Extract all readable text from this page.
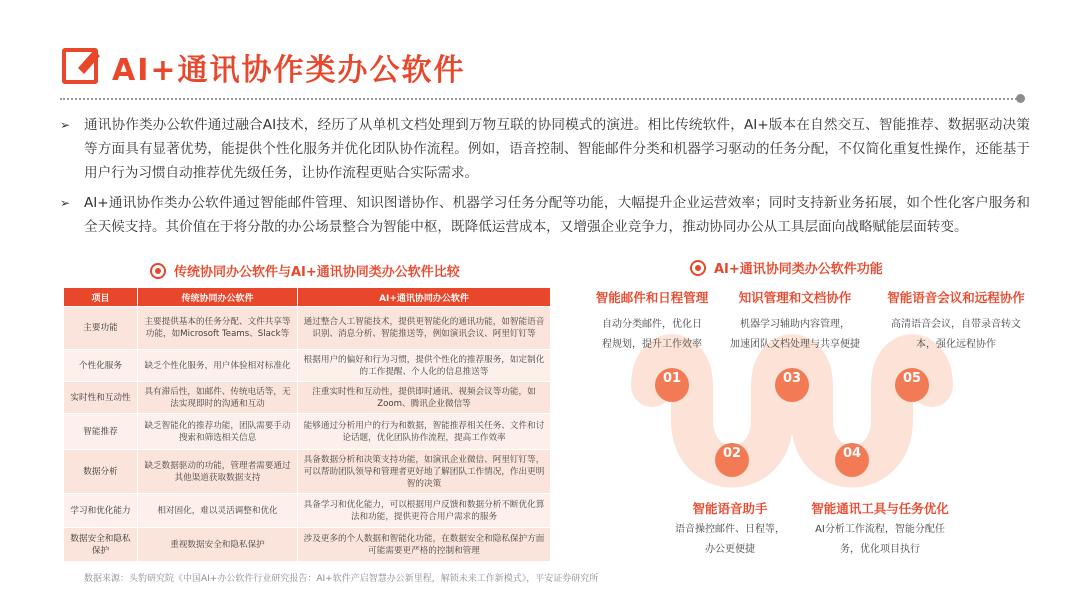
AI+通讯协作类办公软件
➢ 通讯协作类办公软件通过融合AI技术，经历了从单机文档处理到万物互联的协同模式的演进。相比传统软件，AI+版本在自然交互、智能推荐、数据驱动决策等方面具有显著优势，能提供个性化服务并优化团队协作流程。例如，语音控制、智能邮件分类和机器学习驱动的任务分配，不仅简化重复性操作，还能基于用户行为习惯自动推荐优先级任务，让协作流程更贴合实际需求。
➢ AI+通讯协作类办公软件通过智能邮件管理、知识图谱协作、机器学习任务分配等功能，大幅提升企业运营效率；同时支持新业务拓展，如个性化客户服务和全天候支持。其价值在于将分散的办公场景整合为智能中枢，既降低运营成本，又增强企业竞争力，推动协同办公从工具层面向战略赋能层面转变。
传统协同办公软件与AI+通讯协同类办公软件比较
项目	传统协同办公软件	AI+通讯协同办公软件
主要功能	主要提供基本的任务分配、文件共享等功能，如Microsoft Teams、Slack等	通过整合人工智能技术，提供更智能化的通讯功能，如智能语音识别、消息分析、智能推送等，例如演讯会议、阿里钉钉等
个性化服务	缺乏个性化服务，用户体验相对标准化	根据用户的偏好和行为习惯，提供个性化的推荐服务，如定制化的工作提醒、个人化的信息推送等
实时性和互动性	具有滞后性，如邮件、传统电话等，无法实现即时的沟通和互动	注重实时性和互动性，提供即时通讯、视频会议等功能，如Zoom、腾讯企业微信等
智能推荐	缺乏智能化的推荐功能，团队需要手动搜索和筛选相关信息	能够通过分析用户的行为和数据，智能推荐相关任务、文件和讨论话题，优化团队协作流程，提高工作效率
数据分析	缺乏数据驱动的功能，管理者需要通过其他渠道获取数据支持	具备数据分析和决策支持功能，如演讯企业微信、阿里钉钉等，可以帮助团队领导和管理者更好地了解团队工作情况，作出更明智的决策
学习和优化能力	相对固化，难以灵活调整和优化	具备学习和优化能力，可以根据用户反馈和数据分析不断优化算法和功能，提供更符合用户需求的服务
数据安全和隐私保护	重视数据安全和隐私保护	涉及更多的个人数据和智能化功能，在数据安全和隐私保护方面可能需要更严格的控制和管理
AI+通讯协同类办公软件功能
01
02
03
04
05
智能邮件和日程管理
自动分类邮件，优化日
程规划，提升工作效率
知识管理和文档协作
机器学习辅助内容管理，
加速团队文档处理与共享便捷
智能语音会议和远程协作
高清语音会议，自带录音转文
本，强化远程协作
智能语音助手
语音操控邮件、日程等，
办公更便捷
智能通讯工具与任务优化
AI分析工作流程，智能分配任
务，优化项目执行
数据来源：头豹研究院《中国AI+办公软件行业研究报告：AI+软件产启智慧办公新里程，解锁未来工作新模式》，平安证券研究所
